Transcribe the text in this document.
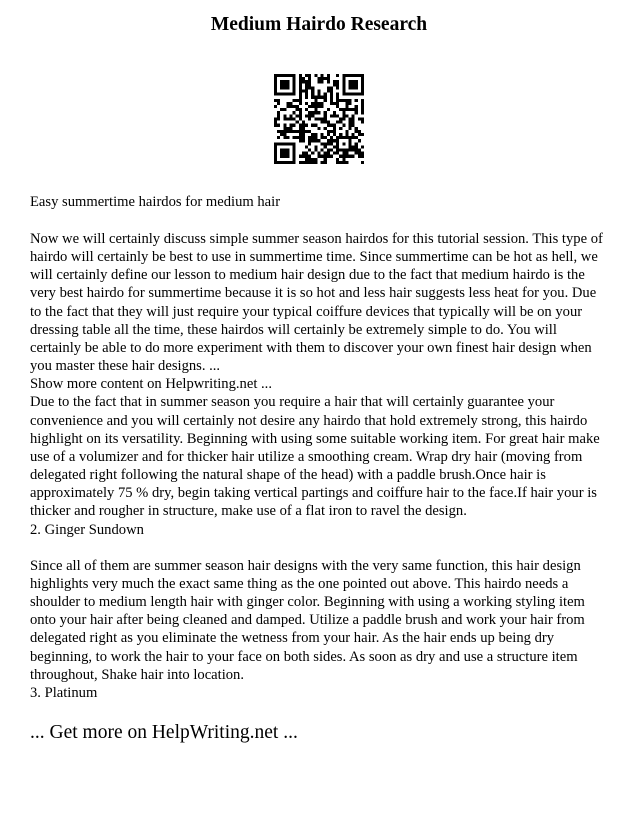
Medium Hairdo Research

Easy summertime hairdos for medium hair

Now we will certainly discuss simple summer season hairdos for this tutorial session. This type of hairdo will certainly be best to use in summertime time. Since summertime can be hot as hell, we will certainly define our lesson to medium hair design due to the fact that medium hairdo is the very best hairdo for summertime because it is so hot and less hair suggests less heat for you. Due to the fact that they will just require your typical coiffure devices that typically will be on your dressing table all the time, these hairdos will certainly be extremely simple to do. You will certainly be able to do more experiment with them to discover your own finest hair design when you master these hair designs. ...

Show more content on Helpwriting.net ...

Due to the fact that in summer season you require a hair that will certainly guarantee your convenience and you will certainly not desire any hairdo that hold extremely strong, this hairdo highlight on its versatility. Beginning with using some suitable working item. For great hair make use of a volumizer and for thicker hair utilize a smoothing cream. Wrap dry hair (moving from delegated right following the natural shape of the head) with a paddle brush.Once hair is approximately 75 % dry, begin taking vertical partings and coiffure hair to the face.If hair your is thicker and rougher in structure, make use of a flat iron to ravel the design.

2. Ginger Sundown

Since all of them are summer season hair designs with the very same function, this hair design highlights very much the exact same thing as the one pointed out above. This hairdo needs a shoulder to medium length hair with ginger color. Beginning with using a working styling item onto your hair after being cleaned and damped. Utilize a paddle brush and work your hair from delegated right as you eliminate the wetness from your hair. As the hair ends up being dry beginning, to work the hair to your face on both sides. As soon as dry and use a structure item throughout, Shake hair into location.

3. Platinum

... Get more on HelpWriting.net ...
